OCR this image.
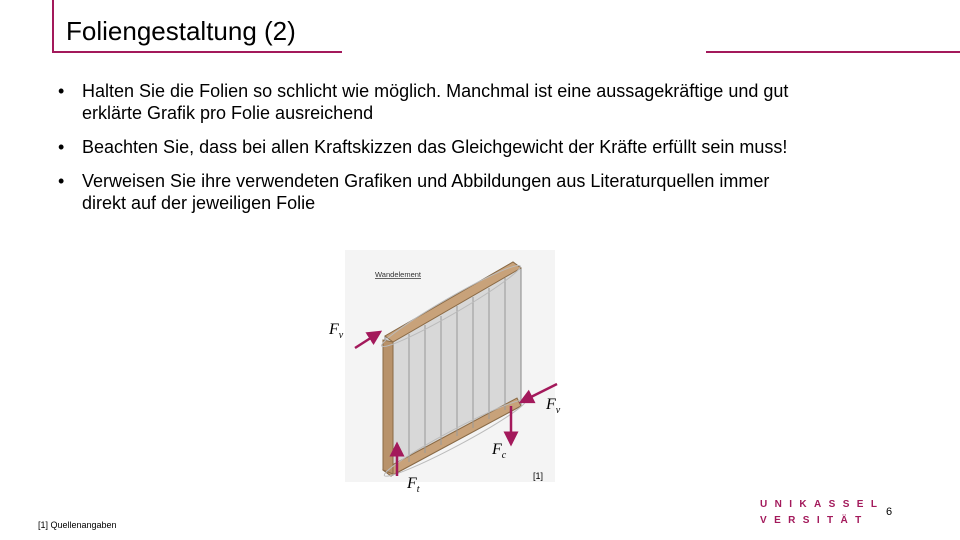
Foliengestaltung (2)
• Halten Sie die Folien so schlicht wie möglich. Manchmal ist eine aussagekräftige und gut erklärte Grafik pro Folie ausreichend
• Beachten Sie, dass bei allen Kraftskizzen das Gleichgewicht der Kräfte erfüllt sein muss!
• Verweisen Sie ihre verwendeten Grafiken und Abbildungen aus Literaturquellen immer direkt auf der jeweiligen Folie
Wandelement
$F_v$
$F_v$
$F_c$
$F_t$
[1]
[1] Quellenangaben
UNIKASSEL
VERSITÄT
6
